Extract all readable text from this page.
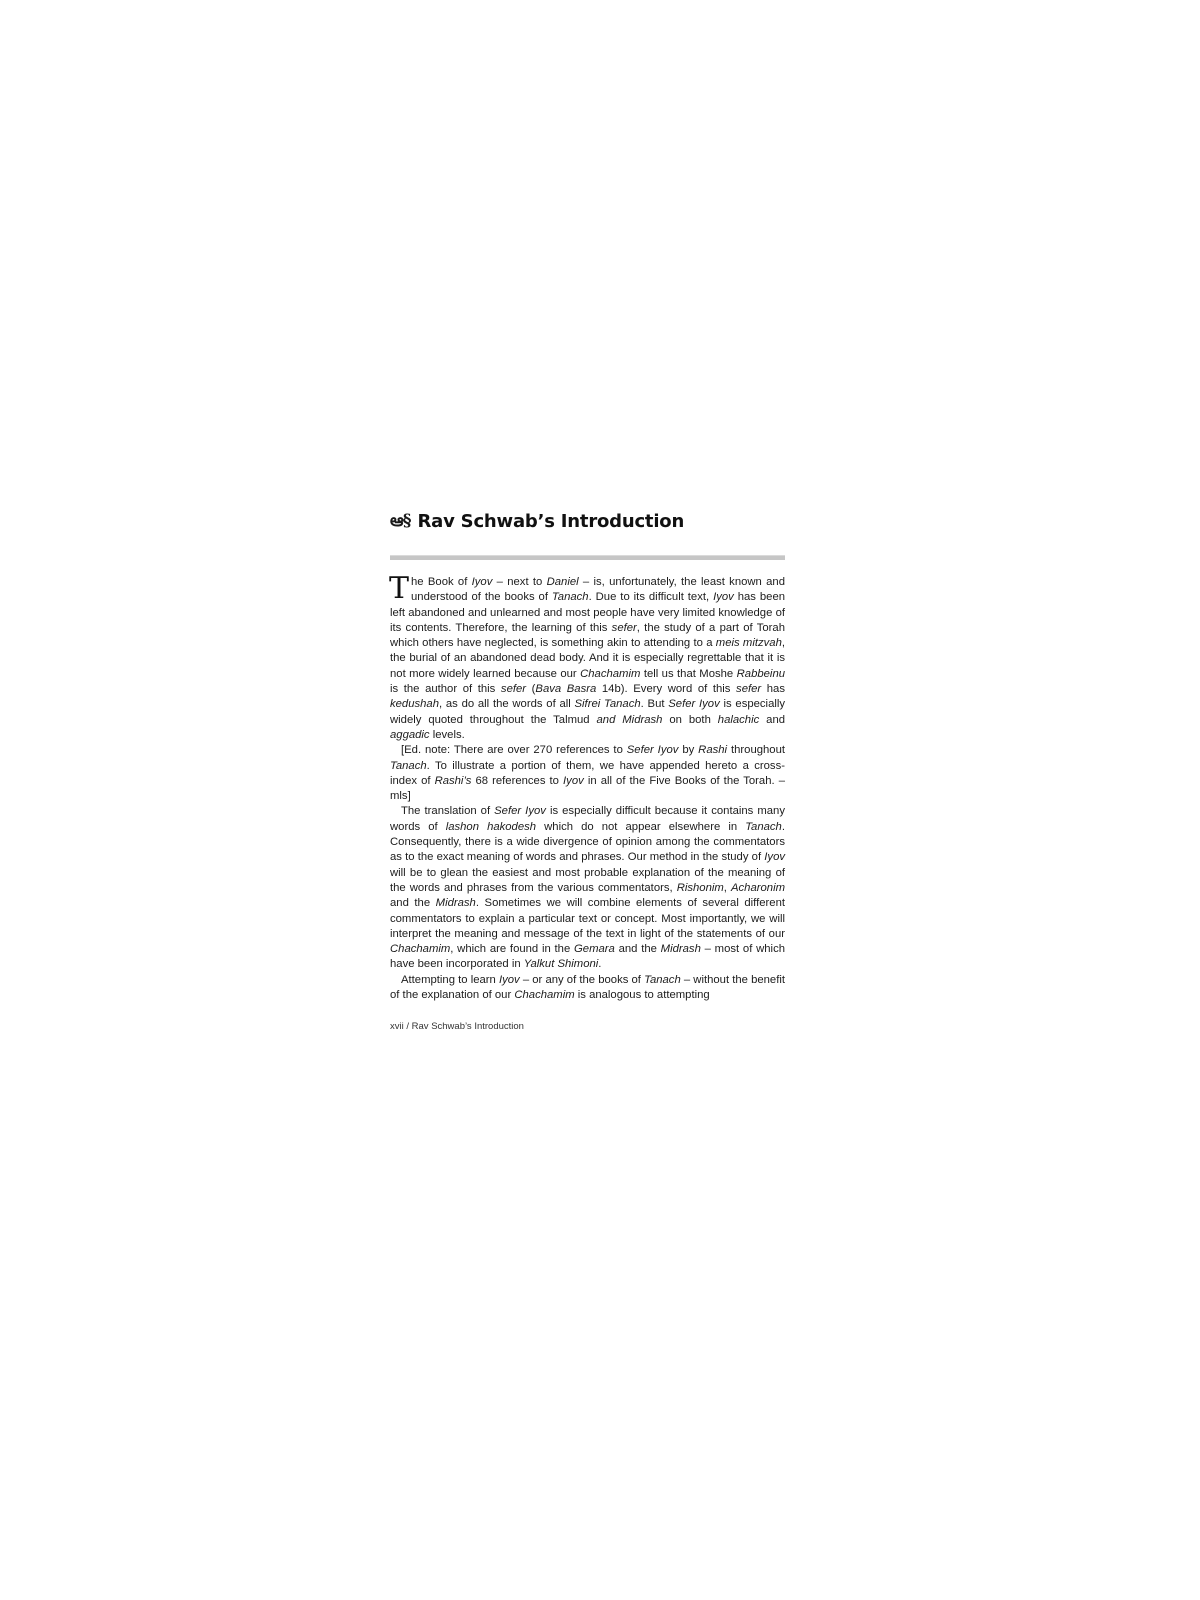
ఆ§ Rav Schwab’s Introduction

The Book of Iyov – next to Daniel – is, unfortunately, the least known and understood of the books of Tanach. Due to its difficult text, Iyov has been left abandoned and unlearned and most people have very limited knowledge of its contents. Therefore, the learning of this sefer, the study of a part of Torah which others have neglected, is something akin to attending to a meis mitzvah, the burial of an abandoned dead body. And it is especially regrettable that it is not more widely learned because our Chachamim tell us that Moshe Rabbeinu is the author of this sefer (Bava Basra 14b). Every word of this sefer has kedushah, as do all the words of all Sifrei Tanach. But Sefer Iyov is especially widely quoted throughout the Talmud and Midrash on both halachic and aggadic levels.

[Ed. note: There are over 270 references to Sefer Iyov by Rashi throughout Tanach. To illustrate a portion of them, we have appended hereto a cross-index of Rashi’s 68 references to Iyov in all of the Five Books of the Torah. – mls]

The translation of Sefer Iyov is especially difficult because it contains many words of lashon hakodesh which do not appear elsewhere in Tanach. Consequently, there is a wide divergence of opinion among the commentators as to the exact meaning of words and phrases. Our method in the study of Iyov will be to glean the easiest and most probable explanation of the meaning of the words and phrases from the various commentators, Rishonim, Acharonim and the Midrash. Sometimes we will combine elements of several different commentators to explain a particular text or concept. Most importantly, we will interpret the meaning and message of the text in light of the statements of our Chachamim, which are found in the Gemara and the Midrash – most of which have been incorporated in Yalkut Shimoni.

Attempting to learn Iyov – or any of the books of Tanach – without the benefit of the explanation of our Chachamim is analogous to attempting

xvii / Rav Schwab’s Introduction
